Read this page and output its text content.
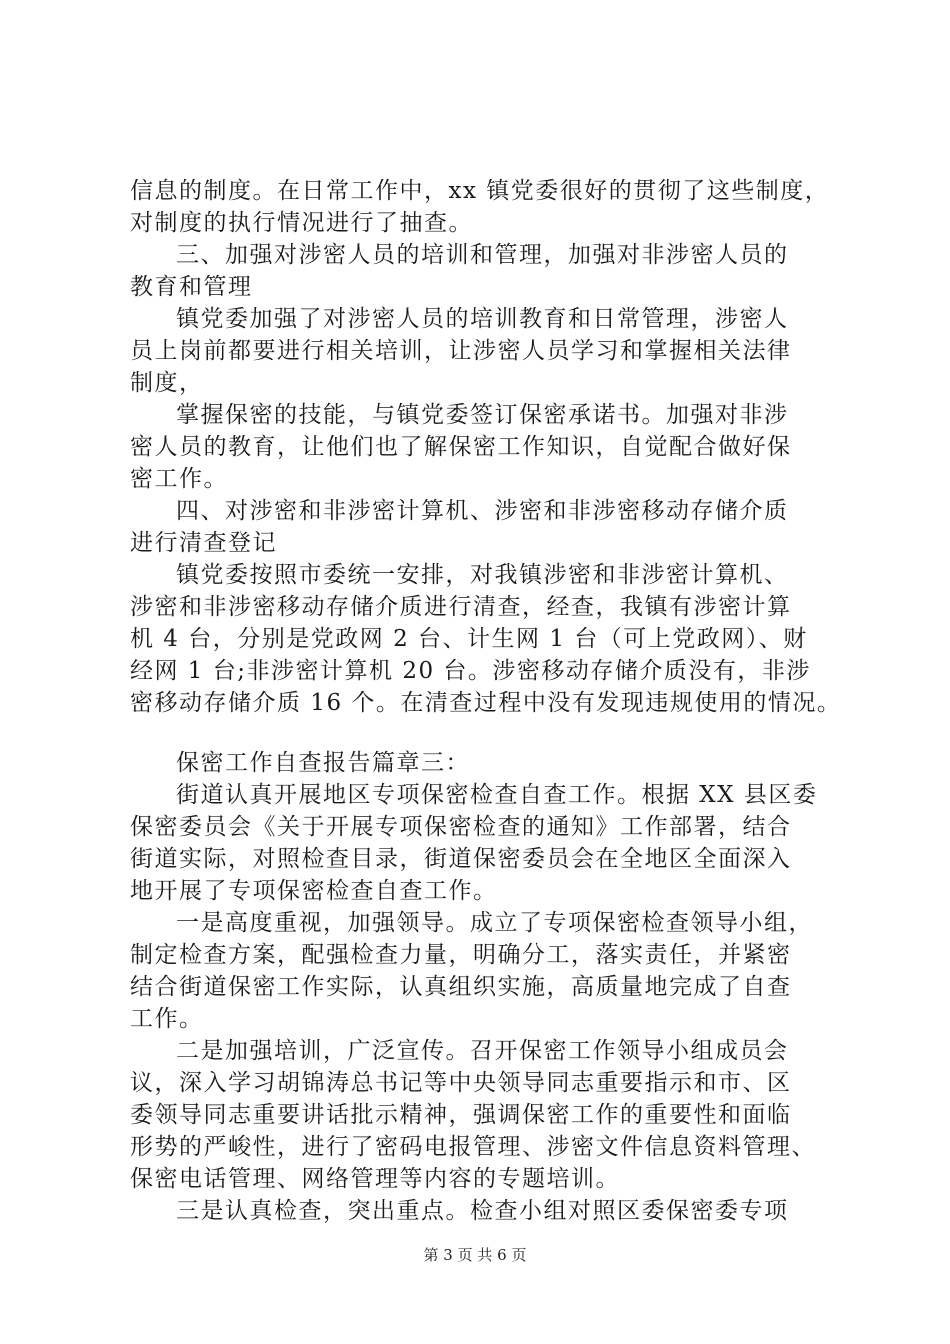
信息的制度。在日常工作中，xx 镇党委很好的贯彻了这些制度，
对制度的执行情况进行了抽查。
三、加强对涉密人员的培训和管理，加强对非涉密人员的
教育和管理
镇党委加强了对涉密人员的培训教育和日常管理，涉密人
员上岗前都要进行相关培训，让涉密人员学习和掌握相关法律
制度，
掌握保密的技能，与镇党委签订保密承诺书。加强对非涉
密人员的教育，让他们也了解保密工作知识，自觉配合做好保
密工作。
四、对涉密和非涉密计算机、涉密和非涉密移动存储介质
进行清查登记
镇党委按照市委统一安排，对我镇涉密和非涉密计算机、
涉密和非涉密移动存储介质进行清查，经查，我镇有涉密计算
机 4 台，分别是党政网 2 台、计生网 1 台（可上党政网）、财
经网 1 台;非涉密计算机 20 台。涉密移动存储介质没有，非涉
密移动存储介质 16 个。在清查过程中没有发现违规使用的情况。
保密工作自查报告篇章三：
街道认真开展地区专项保密检查自查工作。根据 XX 县区委
保密委员会《关于开展专项保密检查的通知》工作部署，结合
街道实际，对照检查目录，街道保密委员会在全地区全面深入
地开展了专项保密检查自查工作。
一是高度重视，加强领导。成立了专项保密检查领导小组，
制定检查方案，配强检查力量，明确分工，落实责任，并紧密
结合街道保密工作实际，认真组织实施，高质量地完成了自查
工作。
二是加强培训，广泛宣传。召开保密工作领导小组成员会
议，深入学习胡锦涛总书记等中央领导同志重要指示和市、区
委领导同志重要讲话批示精神，强调保密工作的重要性和面临
形势的严峻性，进行了密码电报管理、涉密文件信息资料管理、
保密电话管理、网络管理等内容的专题培训。
三是认真检查，突出重点。检查小组对照区委保密委专项
第 3 页 共 6 页
